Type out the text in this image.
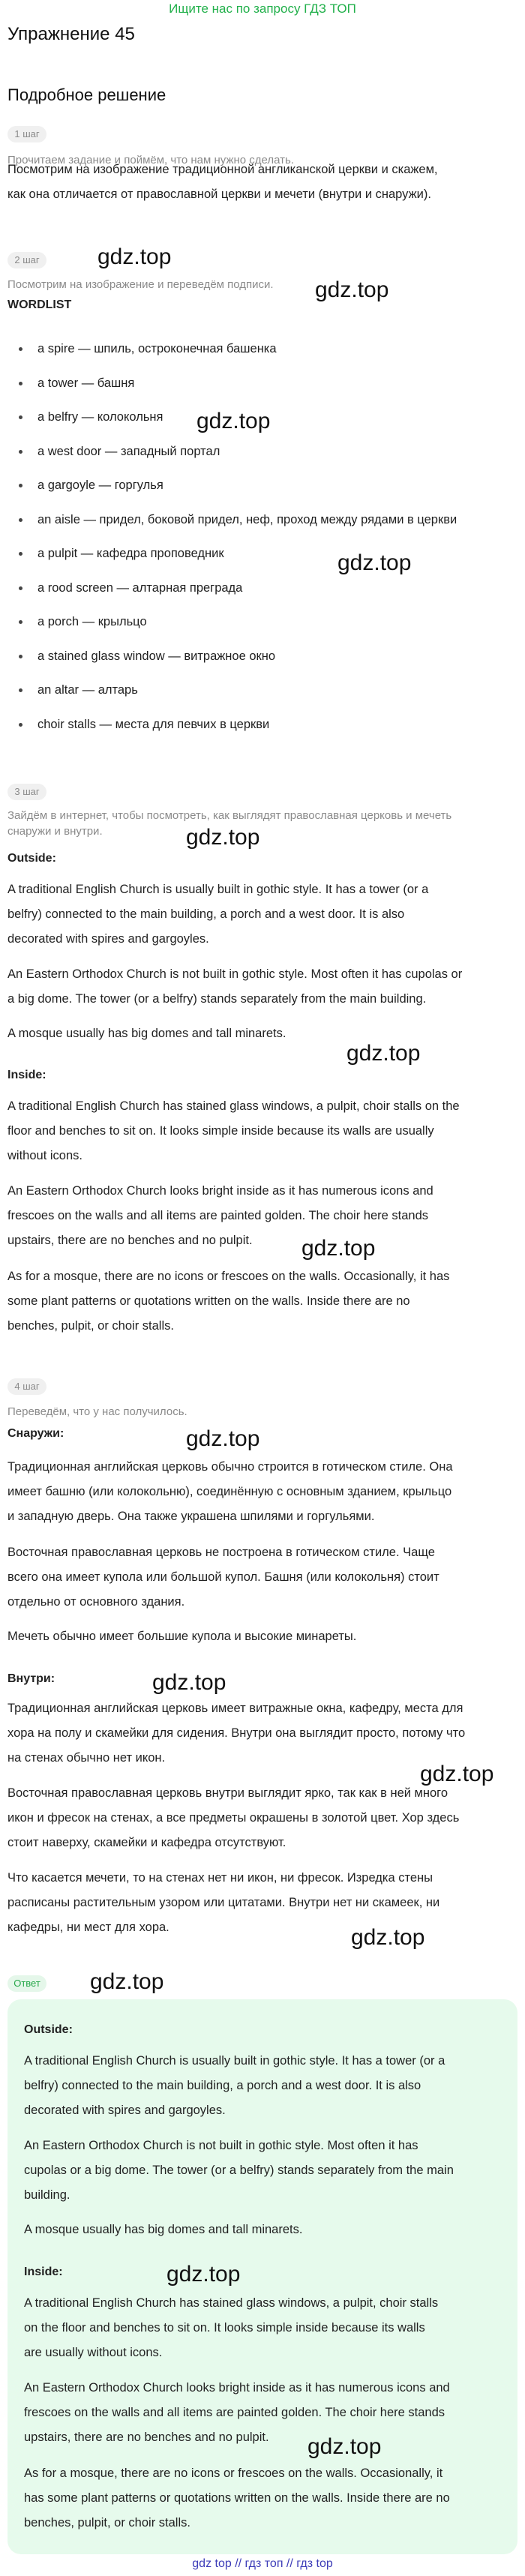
Ищите нас по запросу ГДЗ ТОП
Упражнение 45
Подробное решение
1 шаг
Прочитаем задание и поймём, что нам нужно сделать.
Посмотрим на изображение традиционной англиканской церкви и скажем,
как она отличается от православной церкви и мечети (внутри и снаружи).
2 шаг	gdz.top
gdz.top
Посмотрим на изображение и переведём подписи.
WORDLIST
a spire — шпиль, остроконечная башенка
a tower — башня
a belfry — колокольня
a west door — западный портал
a gargoyle — горгулья
an aisle — придел, боковой придел, неф, проход между рядами в церкви
a pulpit — кафедра проповедник
a rood screen — алтарная преграда
a porch — крыльцо
a stained glass window — витражное окно
an altar — алтарь
choir stalls — места для певчих в церкви
gdz.top
gdz.top
3 шаг
Зайдём в интернет, чтобы посмотреть, как выглядят православная церковь и мечеть
снаружи и внутри.
Outside:
gdz.top
A traditional English Church is usually built in gothic style. It has a tower (or a
belfry) connected to the main building, a porch and a west door. It is also
decorated with spires and gargoyles.
An Eastern Orthodox Church is not built in gothic style. Most often it has cupolas or
a big dome. The tower (or a belfry) stands separately from the main building.
A mosque usually has big domes and tall minarets.
gdz.top
Inside:
A traditional English Church has stained glass windows, a pulpit, choir stalls on the
floor and benches to sit on. It looks simple inside because its walls are usually
without icons.
An Eastern Orthodox Church looks bright inside as it has numerous icons and
frescoes on the walls and all items are painted golden. The choir here stands
upstairs, there are no benches and no pulpit.	gdz.top
As for a mosque, there are no icons or frescoes on the walls. Occasionally, it has
some plant patterns or quotations written on the walls. Inside there are no
benches, pulpit, or choir stalls.
4 шаг
Переведём, что у нас получилось.
Снаружи:	gdz.top
Традиционная английская церковь обычно строится в готическом стиле. Она
имеет башню (или колокольню), соединённую с основным зданием, крыльцо
и западную дверь. Она также украшена шпилями и горгульями.
Восточная православная церковь не построена в готическом стиле. Чаще
всего она имеет купола или большой купол. Башня (или колокольня) стоит
отдельно от основного здания.
Мечеть обычно имеет большие купола и высокие минареты.
Внутри:	gdz.top
Традиционная английская церковь имеет витражные окна, кафедру, места для
хора на полу и скамейки для сидения. Внутри она выглядит просто, потому что
на стенах обычно нет икон.
gdz.top
Восточная православная церковь внутри выглядит ярко, так как в ней много
икон и фресок на стенах, а все предметы окрашены в золотой цвет. Хор здесь
стоит наверху, скамейки и кафедра отсутствуют.
Что касается мечети, то на стенах нет ни икон, ни фресок. Изредка стены
расписаны растительным узором или цитатами. Внутри нет ни скамеек, ни
кафедры, ни мест для хора.	gdz.top
Ответ gdz.top
Outside:
A traditional English Church is usually built in gothic style. It has a tower (or a
belfry) connected to the main building, a porch and a west door. It is also
decorated with spires and gargoyles.
An Eastern Orthodox Church is not built in gothic style. Most often it has
cupolas or a big dome. The tower (or a belfry) stands separately from the main
building.
A mosque usually has big domes and tall minarets.
Inside:	gdz.top
A traditional English Church has stained glass windows, a pulpit, choir stalls
on the floor and benches to sit on. It looks simple inside because its walls
are usually without icons.
An Eastern Orthodox Church looks bright inside as it has numerous icons and
frescoes on the walls and all items are painted golden. The choir here stands
upstairs, there are no benches and no pulpit.	gdz.top
As for a mosque, there are no icons or frescoes on the walls. Occasionally, it
has some plant patterns or quotations written on the walls. Inside there are no
benches, pulpit, or choir stalls.
gdz top // гдз топ // гдз top
